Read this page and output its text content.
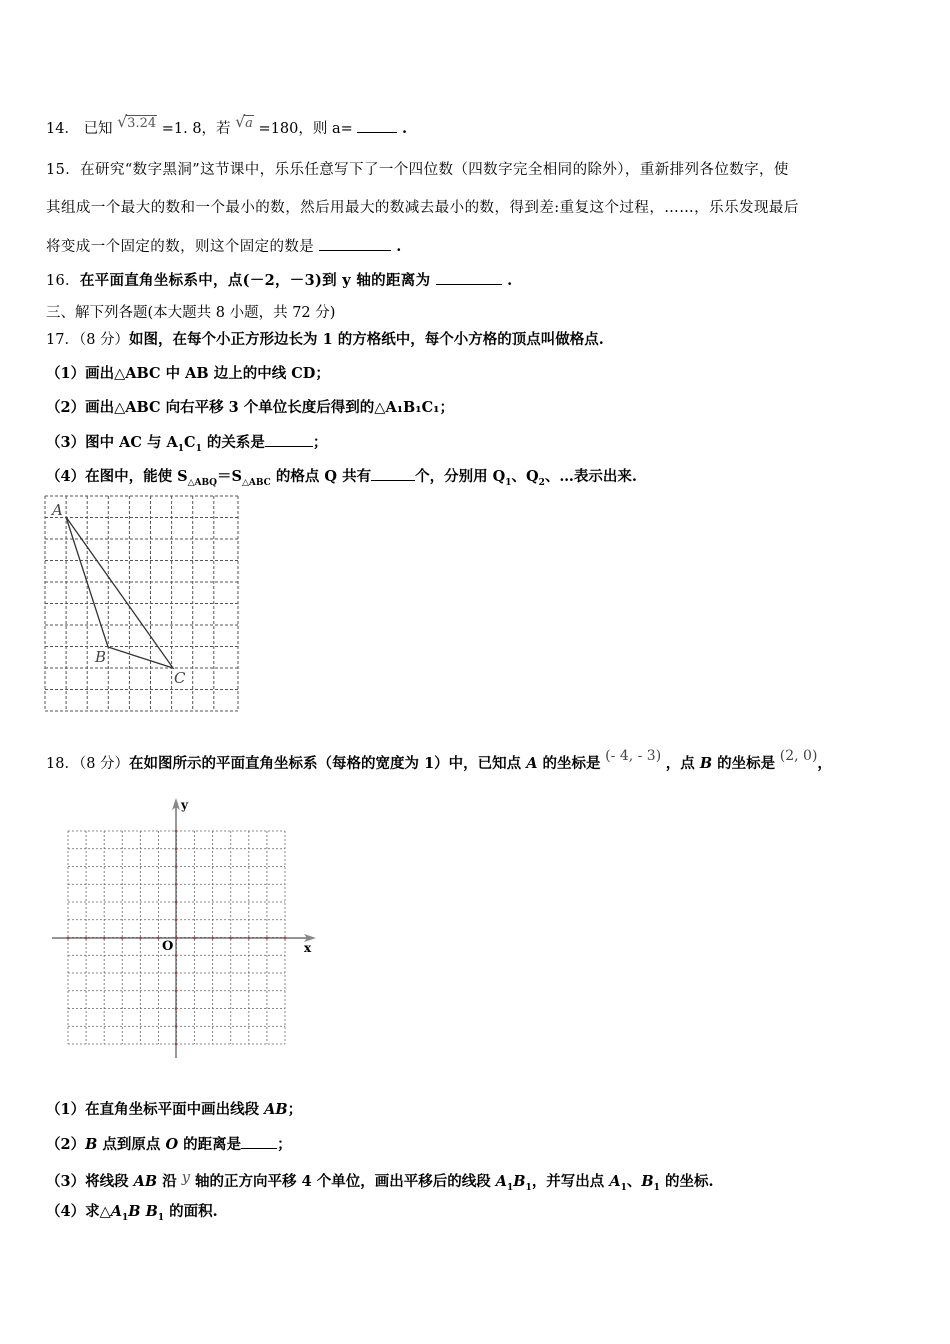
14． 已知 √ 3.24 =1. 8，若 √ a =180，则 a=	.
15．在研究“数字黑洞”这节课中，乐乐任意写下了一个四位数（四数字完全相同的除外），重新排列各位数字，使
其组成一个最大的数和一个最小的数，然后用最大的数减去最小的数，得到差:重复这个过程，……，乐乐发现最后
将变成一个固定的数，则这个固定的数是	.
16．在平面直角坐标系中，点(－2，－3)到 y 轴的距离为	.
三、解下列各题(本大题共 8 小题，共 72 分)
17．（8 分）如图，在每个小正方形边长为 1 的方格纸中，每个小方格的顶点叫做格点.
（1）画出△ABC 中 AB 边上的中线 CD；
（2）画出△ABC 向右平移 3 个单位长度后得到的△A₁B₁C₁；
（3）图中 AC 与 $A_1C_1$ 的关系是	；
（4）在图中，能使 $S_{\triangle ABQ}=S_{\triangle ABC}$ 的格点 Q 共有	个，分别用 $Q_1$、$Q_2$、…表示出来.
A
B
C
18．（8 分）在如图所示的平面直角坐标系（每格的宽度为 1）中，已知点 A 的坐标是 (- 4, - 3) ，点 B 的坐标是 (2, 0)，
x
y
O
（1）在直角坐标平面中画出线段 AB；
（2）B 点到原点 O 的距离是 ；
（3）将线段 AB 沿 y 轴的正方向平移 4 个单位，画出平移后的线段 $A_1B_1$，并写出点 $A_1$、$B_1$ 的坐标.
（4）求$\triangle A_1B$ $B_1$ 的面积.
